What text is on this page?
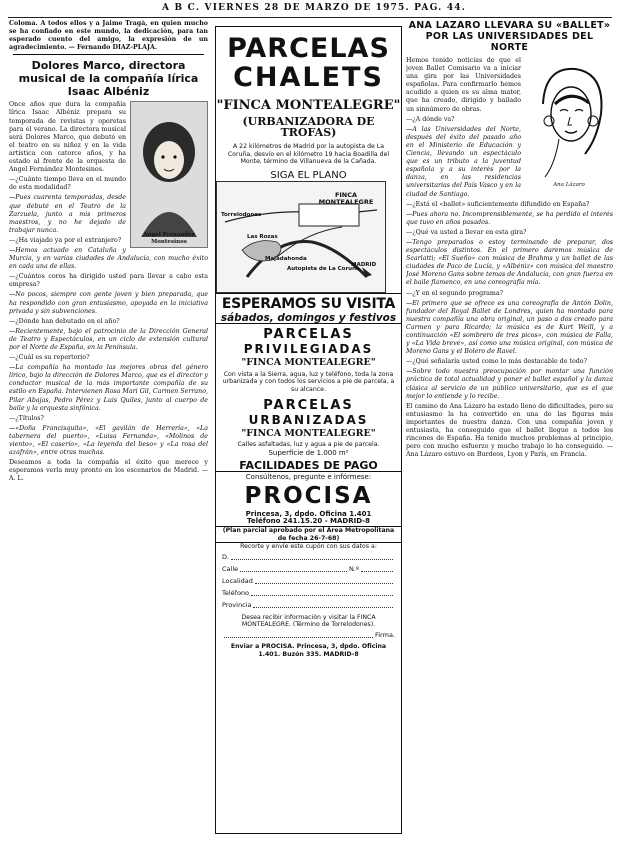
A B C. VIERNES 28 DE MARZO DE 1975. PAG. 44.

Coloma. A todos ellos y a Jaime Tragá, en quien mucho se ha confiado en este mundo, la dedicación, para tan esperado cuento del amigo, la expresión de un agradecimiento. — Fernando DIAZ-PLAJA.

Dolores Marco, directora musical de la compañía lírica Isaac Albéniz
Angel Fernández Montesinos

Once años que dura la compañía lírica Isaac Albéniz prepara su temporada de revistas y operetas para el verano. La directora musical será Dolores Marco, que debutó en el teatro en su niñez y en la vida artística con catorce años, y ha estado al frente de la orquesta de Angel Fernández Montesinos.

—¿Cuánto tiempo lleva en el mundo de esta modalidad?

—Pues cuarenta temporadas, desde que debuté en el Teatro de la Zarzuela, junto a mis primeros maestros, y no he dejado de trabajar nunca.

—¿Ha viajado ya por el extranjero?

—Hemos actuado en Cataluña y Murcia, y en varias ciudades de Andalucía, con mucho éxito en cada una de ellas.

—¿Cuántos coros ha dirigido usted para llevar a cabo esta empresa?

—No pocos, siempre con gente joven y bien preparada, que ha respondido con gran entusiasmo, apoyada en la iniciativa privada y sin subvenciones.

—¿Dónde han debutado en el año?

—Recientemente, bajo el patrocinio de la Dirección General de Teatro y Espectáculos, en un ciclo de extensión cultural por el Norte de España, en la Península.

—¿Cuál es su repertorio?

—La compañía ha montado las mejores obras del género lírico, bajo la dirección de Dolores Marco, que es el director y conductor musical de la más importante compañía de su estilo en España. Intervienen Rosa Mari Gil, Carmen Serrano, Pilar Abajas, Pedro Pérez y Luis Quiles, junto al cuerpo de baile y la orquesta sinfónica.

—¿Títulos?

—«Doña Francisquita», «El gavilán de Herrería», «La tabernera del puerto», «Luisa Fernanda», «Molinos de viento», «El caserío», «La leyenda del beso» y «La rosa del azafrán», entre otras muchas.

Deseamos a toda la compañía el éxito que merece y esperamos verla muy pronto en los escenarios de Madrid. — A. L.

PARCELAS
CHALETS
"FINCA MONTEALEGRE"
(URBANIZADORA DE TROFAS)
A 22 kilómetros de Madrid por la autopista de La Coruña, desvío en el kilómetro 19 hacia Boadilla del Monte, término de Villanueva de la Cañada.
SIGA EL PLANO
FINCA MONTEALEGRE
Torrelodones
Las Rozas
Majadahonda
Autopista de La Coruña
MADRID
ESPERAMOS SU VISITA
sábados, domingos y festivos
PARCELAS
PRIVILEGIADAS
"FINCA MONTEALEGRE"
Con vista a la Sierra, agua, luz y teléfono, toda la zona urbanizada y con todos los servicios a pie de parcela, a su alcance.
PARCELAS
URBANIZADAS
"FINCA MONTEALEGRE"
Calles asfaltadas, luz y agua a pie de parcela.
Superficie de 1.000 m²
FACILIDADES DE PAGO
Consúltenos, pregunte e infórmese:
PROCISA
Princesa, 3, dpdo. Oficina 1.401
Teléfono 241.15.20 - MADRID-8
(Plan parcial aprobado por el Área Metropolitana de fecha 26-7-68)
Recorte y envíe este cupón con sus datos a:
D.
Calle	N.º
Localidad
Teléfono
Provincia
Desea recibir información y visitar la FINCA MONTEALEGRE. (Término de Torrelodones).
Firma.
Enviar a PROCISA. Princesa, 3, dpdo. Oficina 1.401. Buzón 335. MADRID-8
ANA LAZARO LLEVARA SU «BALLET» POR LAS UNIVERSIDADES DEL NORTE
Ana Lázaro

Hemos tenido noticias de que el joven Ballet Comisario va a iniciar una gira por las Universidades españolas. Para confirmarlo hemos acudido a quien es su alma mater, que ha creado, dirigido y bailado un sinnúmero de obras.

—¿A dónde va?

—A las Universidades del Norte, después del éxito del pasado año en el Ministerio de Educación y Ciencia, llevando un espectáculo que es un tributo a la juventud española y a su interés por la danza, en las residencias universitarias del País Vasco y en la ciudad de Santiago.

—¿Está el «ballet» suficientemente difundido en España?

—Pues ahora no. Incomprensiblemente, se ha perdido el interés que tuvo en años pasados.

—¿Qué va usted a llevar en esta gira?

—Tengo preparados o estoy terminando de preparar, dos espectáculos distintos. En el primero daremos música de Scarlatti; «El Sueño» con música de Brahms y un ballet de las ciudades de Paco de Lucía, y «Albéniz» con música del maestro José Moreno Gans sobre temas de Andalucía, con gran fuerza en el baile flamenco, en una coreografía mía.

—¿Y en el segundo programa?

—El primero que se ofrece es una coreografía de Antón Dolin, fundador del Royal Ballet de Londres, quien ha montado para nuestra compañía una obra original, un paso a dos creado para Carmen y para Ricardo; la música es de Kurt Weill, y a continuación «El sombrero de tres picos», con música de Falla, y «La Vida breve», así como una música original, con música de Moreno Gans y el Bolero de Ravel.

—¿Qué señalaría usted como lo más destacable de todo?

—Sobre todo nuestra preocupación por montar una función práctica de total actualidad y poner el ballet español y la danza clásica al servicio de un público universitario, que es el que mejor lo entiende y lo recibe.

El camino de Ana Lázaro ha estado lleno de dificultades, pero su entusiasmo la ha convertido en una de las figuras más importantes de nuestra danza. Con una compañía joven y entusiasta, ha conseguido que el ballet llegue a todos los rincones de España. Ha tenido muchos problemas al principio, pero con mucho esfuerzo y mucho trabajo lo ha conseguido. — Ana Lázaro estuvo en Burdeos, Lyon y París, en Francia.
